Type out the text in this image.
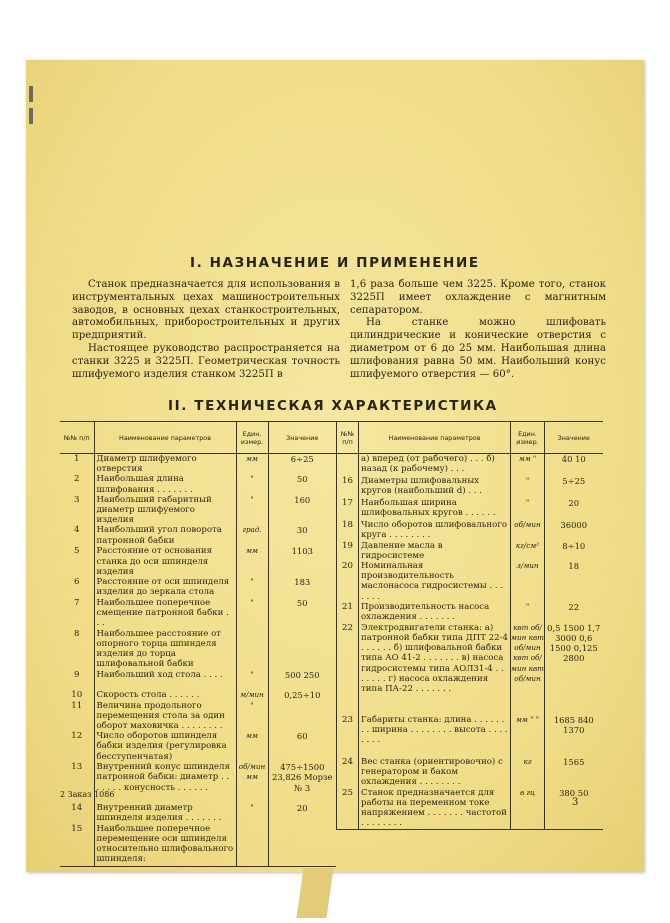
I. НАЗНАЧЕНИЕ И ПРИМЕНЕНИЕ

Станок предназначается для использования в инструментальных цехах машиностроительных заводов, в основных цехах станкостроительных, автомобильных, приборостроительных и других предприятий.

Настоящее руководство распространяется на станки 3225 и 3225П. Геометрическая точность шлифуемого изделия станком 3225П в

1,6 раза больше чем 3225. Кроме того, станок 3225П имеет охлаждение с магнитным сепаратором.

На станке можно шлифовать цилиндрические и конические отверстия с диаметром от 6 до 25 мм. Наибольшая длина шлифования равна 50 мм. Наибольший конус шлифуемого отверстия — 60°.

II. ТЕХНИЧЕСКАЯ ХАРАКТЕРИСТИКА
№№ п/п	Наименование параметров	Един. измер.	Значение
1	Диаметр шлифуемого отверстия	мм	6÷25
2	Наибольшая длина шлифования . . . . . . .	"	50
3	Наибольший габаритный диаметр шлифуемого изделия	"	160
4	Наибольший угол поворота патронной бабки	град.	30
5	Расстояние от основания станка до оси шпинделя изделия	мм	1103
6	Расстояние от оси шпинделя изделия до зеркала стола	"	183
7	Наибольшее поперечное смещение патронной бабки . . .	"	50
8	Наибольшее расстояние от опорного торца шпинделя изделия до торца шлифовальной бабки		
9	Наибольший ход стола . . . .	"	500 250
10	Скорость стола . . . . . .	м/мин	0,25÷10
11	Величина продольного перемещения стола за один оборот маховичка . . . . . . . .	"	
12	Число оборотов шпинделя бабки изделия (регулировка бесступенчатая)	мм	60
13	Внутренний конус шпинделя патронной бабки: диаметр . . . . . . . конусность . . . . . .	об/мин мм	475÷1500 23,826 Морзе № 3
14	Внутренний диаметр шпинделя изделия . . . . . . .	"	20
15	Наибольшее поперечное перемещение оси шпинделя относительно шлифовального шпинделя:		
№№ п/п	Наименование параметров	Един. измер.	Значение
	а) вперед (от рабочего) . . . б) назад (к рабочему) . . .	мм "	40 10
16	Диаметры шлифовальных кругов (наибольший d) . . .	"	5÷25
17	Наибольшая ширина шлифовальных кругов . . . . . .	"	20
18	Число оборотов шлифовального круга . . . . . . . .	об/мин	36000
19	Давление масла в гидросистеме	кг/см²	8÷10
20	Номинальная производительность маслонасоса гидросистемы . . . . . . .	л/мин	18
21	Производительность насоса охлаждения . . . . . . .	"	22
22	Электродвигатели станка: а) патронной бабки типа ДПТ 22-4 . . . . . . б) шлифовальной бабки типа АО 41-2 . . . . . . . в) насоса гидросистемы типа АОЛ31-4 . . . . . . . г) насоса охлаждения типа ПА-22 . . . . . . .	квт об/мин квт об/мин квт об/мин квт об/мин	0,5 1500 1,7 3000 0,6 1500 0,125 2800
23	Габариты станка: длина . . . . . . . . ширина . . . . . . . . высота . . . . . . . .	мм " "	1685 840 1370
24	Вес станка (ориентировочно) с генератором и баком охлаждения . . . . . . . .	кг	1565
25	Станок предназначается для работы на переменном токе напряжением . . . . . . . частотой . . . . . . . .	в гц	380 50
2 Заказ 1086
3
